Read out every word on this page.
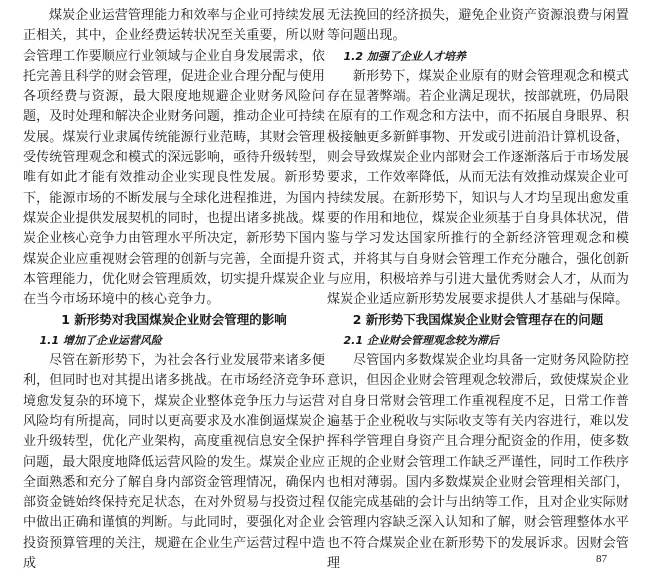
煤炭企业运营管理能力和效率与企业可持续发展正相关，其中，企业经费运转状况至关重要，所以财会管理工作要顺应行业领域与企业自身发展需求，依托完善且科学的财会管理，促进企业合理分配与使用各项经费与资源，最大限度地规避企业财务风险问题，及时处理和解决企业财务问题，推动企业可持续发展。煤炭行业隶属传统能源行业范畴，其财会管理受传统管理观念和模式的深远影响，亟待升级转型，唯有如此才能有效推动企业实现良性发展。新形势下，能源市场的不断发展与全球化进程推进，为国内煤炭企业提供发展契机的同时，也提出诸多挑战。煤炭企业核心竞争力由管理水平所决定，新形势下国内煤炭企业应重视财会管理的创新与完善，全面提升资本管理能力，优化财会管理质效，切实提升煤炭企业在当今市场环境中的核心竞争力。

1 新形势对我国煤炭企业财会管理的影响
1.1 增加了企业运营风险

尽管在新形势下，为社会各行业发展带来诸多便利，但同时也对其提出诸多挑战。在市场经济竞争环境愈发复杂的环境下，煤炭企业整体竞争压力与运营风险均有所提高，同时以更高要求及水准倒逼煤炭企业升级转型，优化产业架构，高度重视信息安全保护问题，最大限度地降低运营风险的发生。煤炭企业应全面熟悉和充分了解自身内部资金管理情况，确保内部资金链始终保持充足状态，在对外贸易与投资过程中做出正确和谨慎的判断。与此同时，要强化对企业投资预算管理的关注，规避在企业生产运营过程中造成

无法挽回的经济损失，避免企业资产资源浪费与闲置等问题出现。

1.2 加强了企业人才培养

新形势下，煤炭企业原有的财会管理观念和模式存在显著弊端。若企业满足现状，按部就班，仍局限在原有的工作观念和方法中，而不拓展自身眼界、积极接触更多新鲜事物、开发或引进前沿计算机设备，则会导致煤炭企业内部财会工作逐渐落后于市场发展要求，工作效率降低，从而无法有效推动煤炭企业可持续发展。在新形势下，知识与人才均呈现出愈发重要的作用和地位，煤炭企业须基于自身具体状况，借鉴与学习发达国家所推行的全新经济管理观念和模式，并将其与自身财会管理工作充分融合，强化创新与应用，积极培养与引进大量优秀财会人才，从而为煤炭企业适应新形势发展要求提供人才基础与保障。

2 新形势下我国煤炭企业财会管理存在的问题
2.1 企业财会管理观念较为滞后

尽管国内多数煤炭企业均具备一定财务风险防控意识，但因企业财会管理观念较滞后，致使煤炭企业对自身日常财会管理工作重视程度不足，日常工作普遍基于企业税收与实际收支等有关内容进行，难以发挥科学管理自身资产且合理分配资金的作用，使多数正规的企业财会管理工作缺乏严谨性，同时工作秩序也相对薄弱。国内多数煤炭企业财会管理相关部门，仅能完成基础的会计与出纳等工作，且对企业实际财会管理内容缺乏深入认知和了解，财会管理整体水平也不符合煤炭企业在新形势下的发展诉求。因财会管理	87
